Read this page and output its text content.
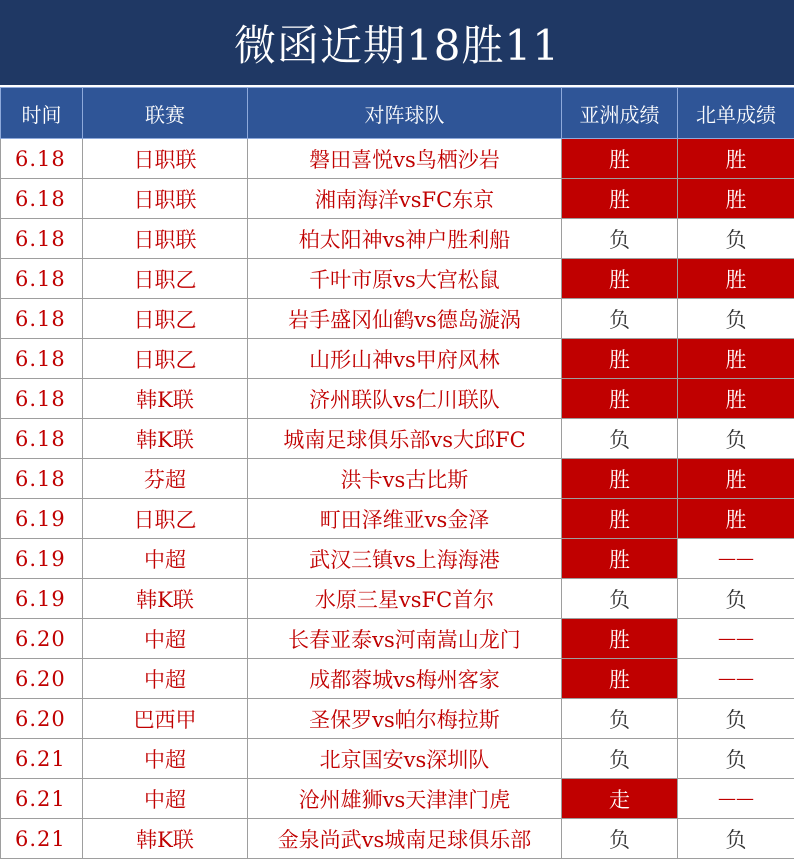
微函近期18胜11
时间	联赛	对阵球队	亚洲成绩	北单成绩
6.18	日职联	磐田喜悦vs鸟栖沙岩	胜	胜
6.18	日职联	湘南海洋vsFC东京	胜	胜
6.18	日职联	柏太阳神vs神户胜利船	负	负
6.18	日职乙	千叶市原vs大宫松鼠	胜	胜
6.18	日职乙	岩手盛冈仙鹤vs德岛漩涡	负	负
6.18	日职乙	山形山神vs甲府风林	胜	胜
6.18	韩K联	济州联队vs仁川联队	胜	胜
6.18	韩K联	城南足球俱乐部vs大邱FC	负	负
6.18	芬超	洪卡vs古比斯	胜	胜
6.19	日职乙	町田泽维亚vs金泽	胜	胜
6.19	中超	武汉三镇vs上海海港	胜	——
6.19	韩K联	水原三星vsFC首尔	负	负
6.20	中超	长春亚泰vs河南嵩山龙门	胜	——
6.20	中超	成都蓉城vs梅州客家	胜	——
6.20	巴西甲	圣保罗vs帕尔梅拉斯	负	负
6.21	中超	北京国安vs深圳队	负	负
6.21	中超	沧州雄狮vs天津津门虎	走	——
6.21	韩K联	金泉尚武vs城南足球俱乐部	负	负
